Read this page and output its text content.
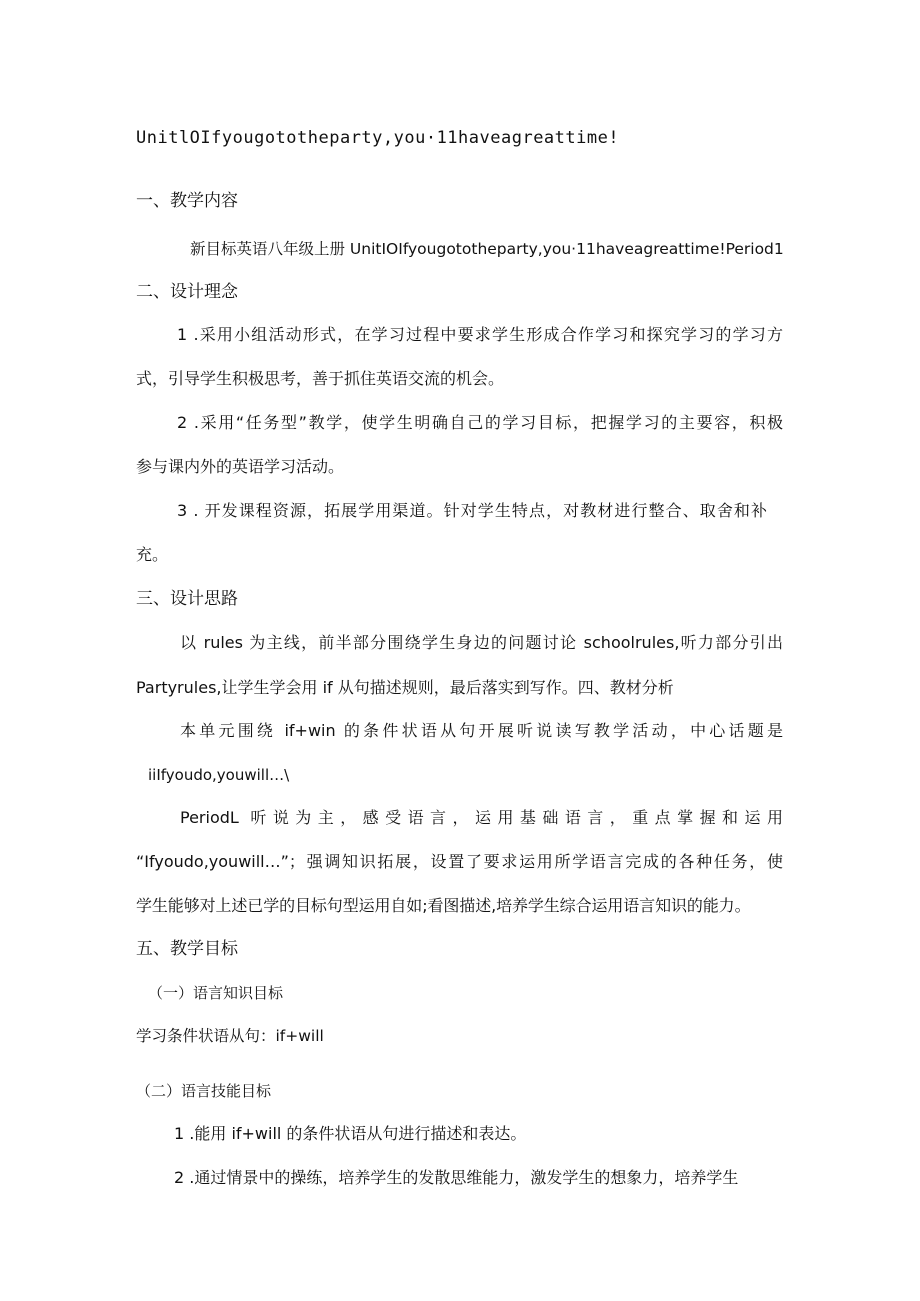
UnitlOIfyougototheparty,you·11haveagreattime!
一、教学内容
新目标英语八年级上册 UnitIOIfyougototheparty,you·11haveagreattime!Period1
二、设计理念
1 .采用小组活动形式，在学习过程中要求学生形成合作学习和探究学习的学习方
式，引导学生积极思考，善于抓住英语交流的机会。
2 .采用“任务型”教学，使学生明确自己的学习目标，把握学习的主要容，积极
参与课内外的英语学习活动。
3 . 开发课程资源，拓展学用渠道。针对学生特点，对教材进行整合、取舍和补
充。
三、设计思路
以 rules 为主线，前半部分围绕学生身边的问题讨论 schoolrules,听力部分引出
Partyrules,让学生学会用 if 从句描述规则，最后落实到写作。四、教材分析
本单元围绕 if+win 的条件状语从句开展听说读写教学活动，中心话题是
iiIfyoudo,youwill…\
PeriodL 听说为主，感受语言，运用基础语言，重点掌握和运用
“Ifyoudo,youwill…”；强调知识拓展，设置了要求运用所学语言完成的各种任务，使
学生能够对上述已学的目标句型运用自如;看图描述,培养学生综合运用语言知识的能力。
五、教学目标
（一）语言知识目标
学习条件状语从句：if+will
（二）语言技能目标
1 .能用 if+will 的条件状语从句进行描述和表达。
2 .通过情景中的操练，培养学生的发散思维能力，激发学生的想象力，培养学生
